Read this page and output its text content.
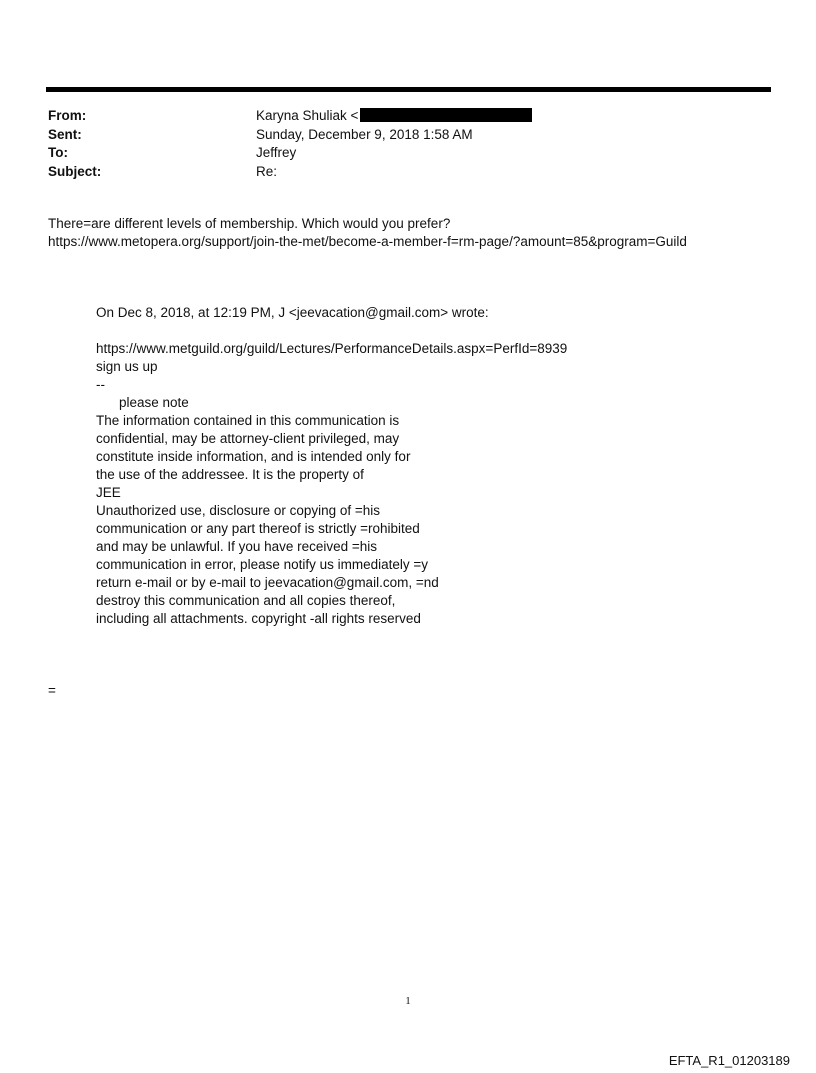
From:	Karyna Shuliak <
Sent:	Sunday, December 9, 2018 1:58 AM
To:	Jeffrey
Subject:	Re:
There=are different levels of membership. Which would you prefer?
https://www.metopera.org/support/join-the-met/become-a-member-f=rm-page/?amount=85&program=Guild
On Dec 8, 2018, at 12:19 PM, J <jeevacation@gmail.com> wrote:
https://www.metguild.org/guild/Lectures/PerformanceDetails.aspx=PerfId=8939
sign us up
--
please note
The information contained in this communication is
confidential, may be attorney-client privileged, may
constitute inside information, and is intended only for
the use of the addressee. It is the property of
JEE
Unauthorized use, disclosure or copying of =his
communication or any part thereof is strictly =rohibited
and may be unlawful. If you have received =his
communication in error, please notify us immediately =y
return e-mail or by e-mail to jeevacation@gmail.com, =nd
destroy this communication and all copies thereof,
including all attachments. copyright -all rights reserved
=
1
EFTA_R1_01203189
